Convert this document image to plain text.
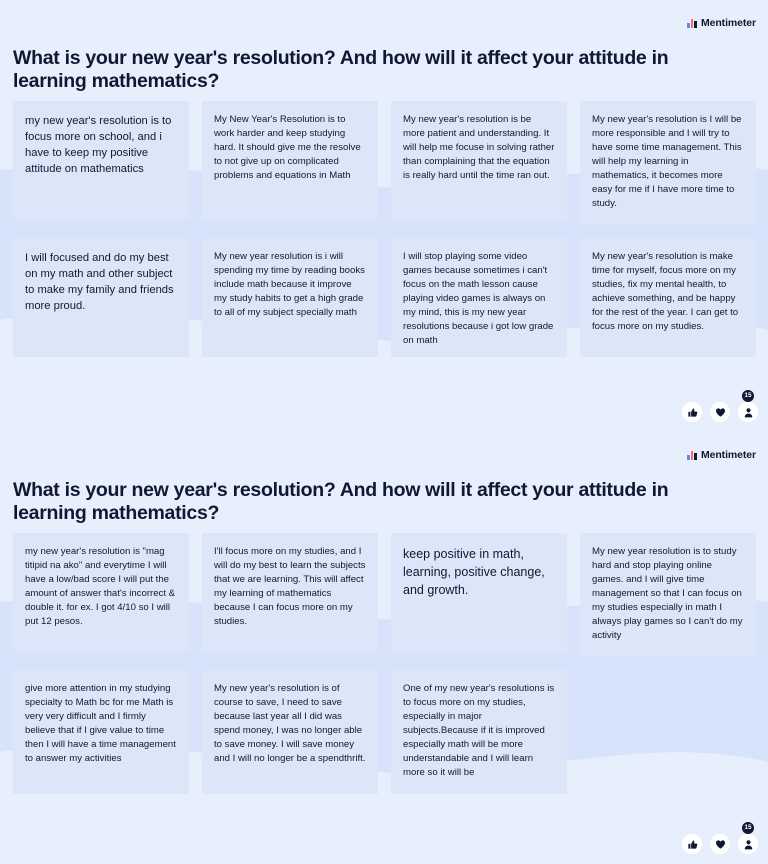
Mentimeter
What is your new year's resolution? And how will it affect your attitude in learning mathematics?
my new year's resolution is to focus more on school, and i have to keep my positive attitude on mathematics
My New Year's Resolution is to work harder and keep studying hard. It should give me the resolve to not give up on complicated problems and equations in Math
My new year's resolution is be more patient and understanding. It will help me focuse in solving rather than complaining that the equation is really hard until the time ran out.
My new year's resolution is I will be more responsible and I will try to have some time management. This will help my learning in mathematics, it becomes more easy for me if I have more time to study.
I will focused and do my best on my math and other subject to make my family and friends more proud.
My new year resolution is i will spending my time by reading books include math because it improve my study habits to get a high grade to all of my subject specially math
I will stop playing some video games because sometimes i can't focus on the math lesson cause playing video games is always on my mind, this is my new year resolutions because i got low grade on math
My new year's resolution is make time for myself, focus more on my studies, fix my mental health, to achieve something, and be happy for the rest of the year. I can get to focus more on my studies.
15
Mentimeter
What is your new year's resolution? And how will it affect your attitude in learning mathematics?
my new year's resolution is "mag titipid na ako" and everytime I will have a low/bad score I will put the amount of answer that's incorrect & double it. for ex. I got 4/10 so I will put 12 pesos.
I'll focus more on my studies, and I will do my best to learn the subjects that we are learning. This will affect my learning of mathematics because I can focus more on my studies.
keep positive in math, learning, positive change, and growth.
My new year resolution is to study hard and stop playing online games. and I will give time management so that I can focus on my studies especially in math I always play games so I can't do my activity
give more attention in my studying specialty to Math bc for me Math is very very difficult and I firmly believe that if I give value to time then I will have a time management to answer my activities
My new year's resolution is of course to save, I need to save because last year all I did was spend money, I was no longer able to save money. I will save money and I will no longer be a spendthrift.
One of my new year's resolutions is to focus more on my studies, especially in major subjects.Because if it is improved especially math will be more understandable and I will learn more so it will be
15
